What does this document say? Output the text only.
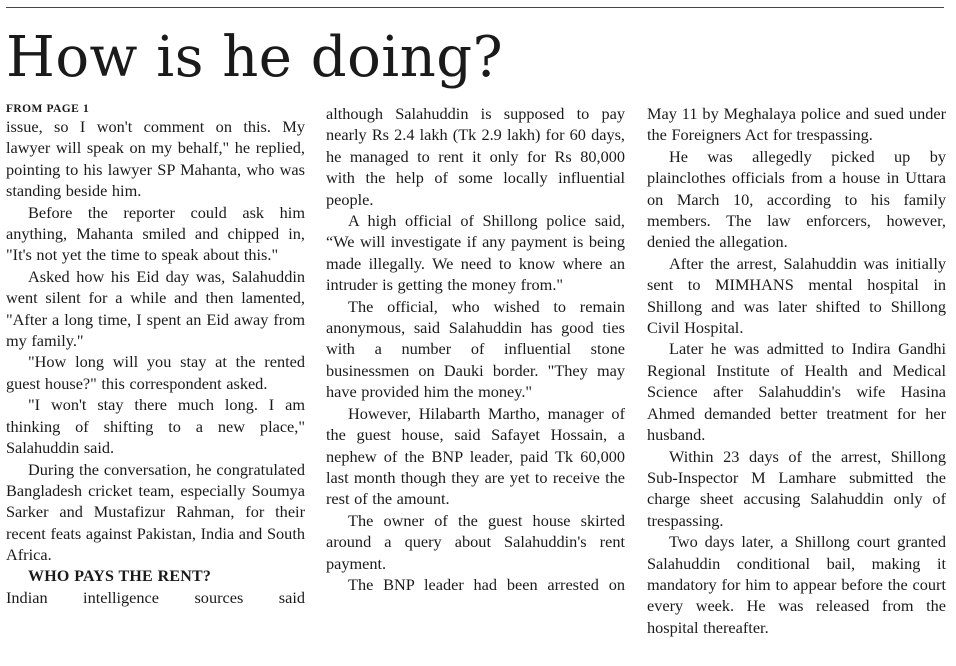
How is he doing?
FROM PAGE 1

issue, so I won't comment on this. My lawyer will speak on my behalf," he replied, pointing to his lawyer SP Mahanta, who was standing beside him.

Before the reporter could ask him anything, Mahanta smiled and chipped in, "It's not yet the time to speak about this."

Asked how his Eid day was, Salahuddin went silent for a while and then lamented, "After a long time, I spent an Eid away from my family."

"How long will you stay at the rented guest house?" this correspondent asked.

"I won't stay there much long. I am thinking of shifting to a new place," Salahuddin said.

During the conversation, he congratulated Bangladesh cricket team, especially Soumya Sarker and Mustafizur Rahman, for their recent feats against Pakistan, India and South Africa.

WHO PAYS THE RENT?

Indian intelligence sources said

although Salahuddin is supposed to pay nearly Rs 2.4 lakh (Tk 2.9 lakh) for 60 days, he managed to rent it only for Rs 80,000 with the help of some locally influential people.

A high official of Shillong police said, “We will investigate if any payment is being made illegally. We need to know where an intruder is getting the money from."

The official, who wished to remain anonymous, said Salahuddin has good ties with a number of influential stone businessmen on Dauki border. "They may have provided him the money."

However, Hilabarth Martho, manager of the guest house, said Safayet Hossain, a nephew of the BNP leader, paid Tk 60,000 last month though they are yet to receive the rest of the amount.

The owner of the guest house skirted around a query about Salahuddin's rent payment.

The BNP leader had been arrested on

May 11 by Meghalaya police and sued under the Foreigners Act for trespassing.

He was allegedly picked up by plainclothes officials from a house in Uttara on March 10, according to his family members. The law enforcers, however, denied the allegation.

After the arrest, Salahuddin was initially sent to MIMHANS mental hospital in Shillong and was later shifted to Shillong Civil Hospital.

Later he was admitted to Indira Gandhi Regional Institute of Health and Medical Science after Salahuddin's wife Hasina Ahmed demanded better treatment for her husband.

Within 23 days of the arrest, Shillong Sub-Inspector M Lamhare submitted the charge sheet accusing Salahuddin only of trespassing.

Two days later, a Shillong court granted Salahuddin conditional bail, making it mandatory for him to appear before the court every week. He was released from the hospital thereafter.
